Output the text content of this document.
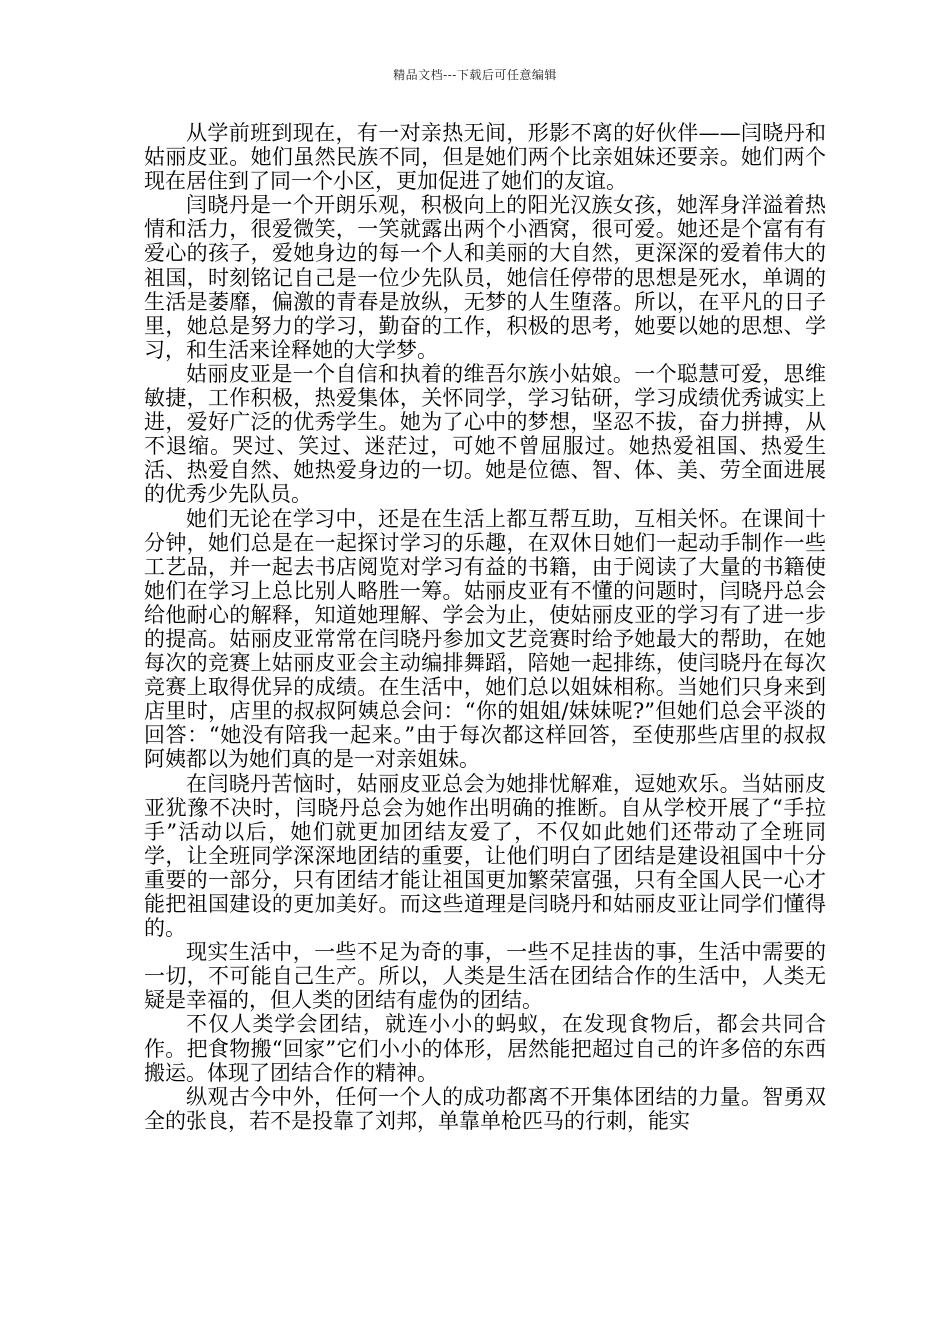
精品文档---下载后可任意编辑

从学前班到现在，有一对亲热无间，形影不离的好伙伴——闫晓丹和姑丽皮亚。她们虽然民族不同，但是她们两个比亲姐妹还要亲。她们两个现在居住到了同一个小区，更加促进了她们的友谊。

闫晓丹是一个开朗乐观，积极向上的阳光汉族女孩，她浑身洋溢着热情和活力，很爱微笑，一笑就露出两个小酒窝，很可爱。她还是个富有有爱心的孩子，爱她身边的每一个人和美丽的大自然，更深深的爱着伟大的祖国，时刻铭记自己是一位少先队员，她信任停带的思想是死水，单调的生活是萎靡，偏激的青春是放纵，无梦的人生堕落。所以，在平凡的日子里，她总是努力的学习，勤奋的工作，积极的思考，她要以她的思想、学习，和生活来诠释她的大学梦。

姑丽皮亚是一个自信和执着的维吾尔族小姑娘。一个聪慧可爱，思维敏捷，工作积极，热爱集体，关怀同学，学习钻研，学习成绩优秀诚实上进，爱好广泛的优秀学生。她为了心中的梦想，坚忍不拔，奋力拼搏，从不退缩。哭过、笑过、迷茫过，可她不曾屈服过。她热爱祖国、热爱生活、热爱自然、她热爱身边的一切。她是位德、智、体、美、劳全面进展的优秀少先队员。

她们无论在学习中，还是在生活上都互帮互助，互相关怀。在课间十分钟，她们总是在一起探讨学习的乐趣，在双休日她们一起动手制作一些工艺品，并一起去书店阅览对学习有益的书籍，由于阅读了大量的书籍使她们在学习上总比别人略胜一筹。姑丽皮亚有不懂的问题时，闫晓丹总会给他耐心的解释，知道她理解、学会为止，使姑丽皮亚的学习有了进一步的提高。姑丽皮亚常常在闫晓丹参加文艺竞赛时给予她最大的帮助，在她每次的竞赛上姑丽皮亚会主动编排舞蹈，陪她一起排练，使闫晓丹在每次竞赛上取得优异的成绩。在生活中，她们总以姐妹相称。当她们只身来到店里时，店里的叔叔阿姨总会问：“你的姐姐/妹妹呢?”但她们总会平淡的回答：“她没有陪我一起来。”由于每次都这样回答，至使那些店里的叔叔阿姨都以为她们真的是一对亲姐妹。

在闫晓丹苦恼时，姑丽皮亚总会为她排忧解难，逗她欢乐。当姑丽皮亚犹豫不决时，闫晓丹总会为她作出明确的推断。自从学校开展了“手拉手”活动以后，她们就更加团结友爱了，不仅如此她们还带动了全班同学，让全班同学深深地团结的重要，让他们明白了团结是建设祖国中十分重要的一部分，只有团结才能让祖国更加繁荣富强，只有全国人民一心才能把祖国建设的更加美好。而这些道理是闫晓丹和姑丽皮亚让同学们懂得的。

现实生活中，一些不足为奇的事，一些不足挂齿的事，生活中需要的一切，不可能自己生产。所以，人类是生活在团结合作的生活中，人类无疑是幸福的，但人类的团结有虚伪的团结。

不仅人类学会团结，就连小小的蚂蚁，在发现食物后，都会共同合作。把食物搬“回家”它们小小的体形，居然能把超过自己的许多倍的东西搬运。体现了团结合作的精神。

纵观古今中外，任何一个人的成功都离不开集体团结的力量。智勇双全的张良，若不是投靠了刘邦，单靠单枪匹马的行刺，能实
